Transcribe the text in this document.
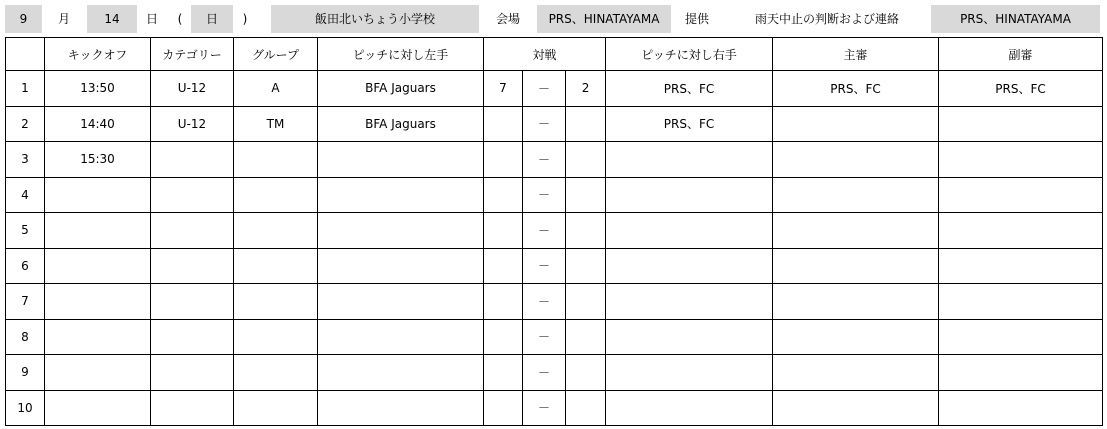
9	月	14	日	(	日	)	飯田北いちょう小学校	会場	PRS、HINATAYAMA	提供	雨天中止の判断および連絡	PRS、HINATAYAMA
	キックオフ	カテゴリー	グループ	ピッチに対し左手	対戦			ピッチに対し右手	主審	副審
1	13:50	U-12	A	BFA Jaguars	7	－	2	PRS、FC	PRS、FC	PRS、FC
2	14:40	U-12	TM	BFA Jaguars		－		PRS、FC		
3	15:30					－				
4						－				
5						－				
6						－				
7						－				
8						－				
9						－				
10						－				
